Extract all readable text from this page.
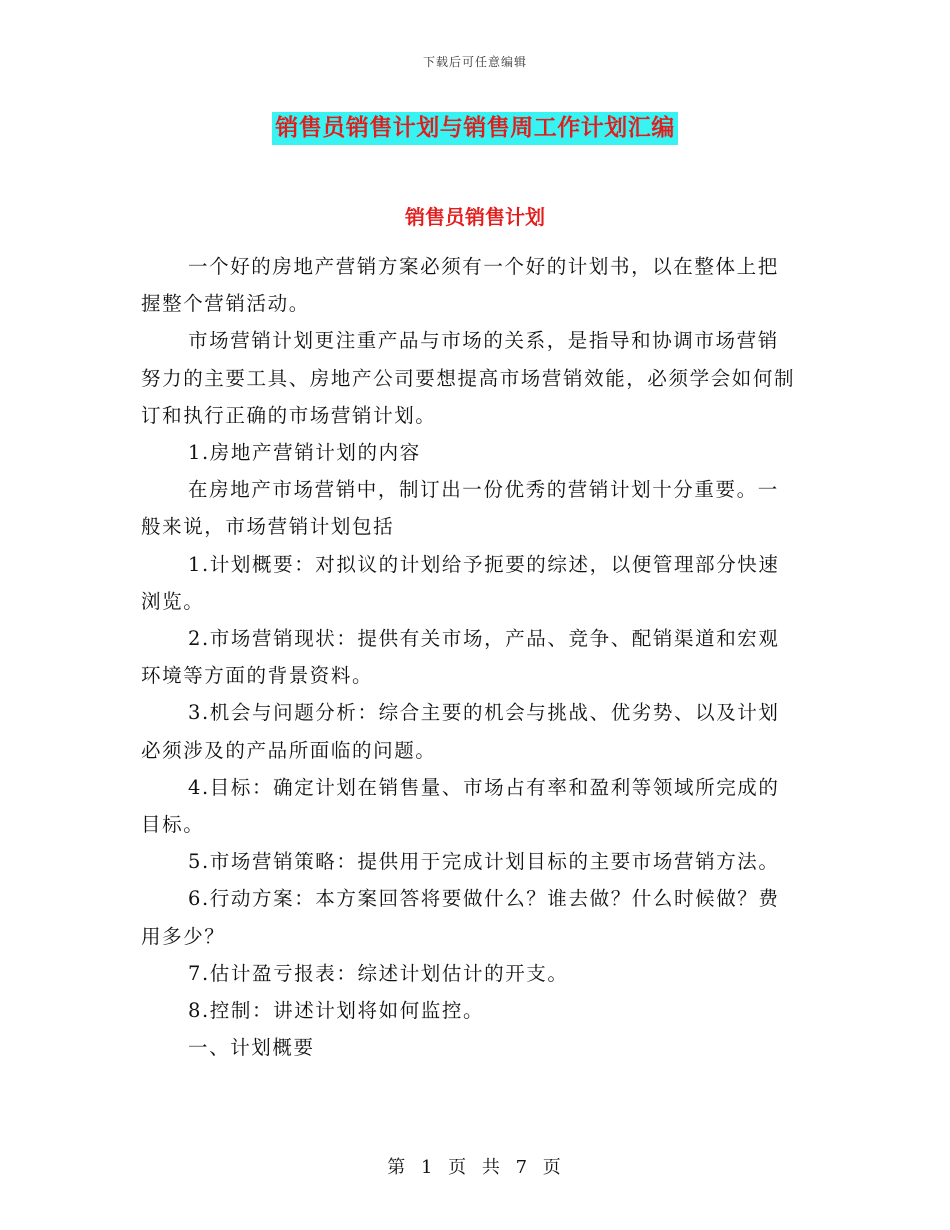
下载后可任意编辑
销售员销售计划与销售周工作计划汇编
销售员销售计划

一个好的房地产营销方案必须有一个好的计划书，以在整体上把握整个营销活动。

市场营销计划更注重产品与市场的关系，是指导和协调市场营销努力的主要工具、房地产公司要想提高市场营销效能，必须学会如何制订和执行正确的市场营销计划。

1.房地产营销计划的内容

在房地产市场营销中，制订出一份优秀的营销计划十分重要。一般来说，市场营销计划包括

1.计划概要：对拟议的计划给予扼要的综述，以便管理部分快速浏览。

2.市场营销现状：提供有关市场，产品、竞争、配销渠道和宏观环境等方面的背景资料。

3.机会与问题分析：综合主要的机会与挑战、优劣势、以及计划必须涉及的产品所面临的问题。

4.目标：确定计划在销售量、市场占有率和盈利等领域所完成的目标。

5.市场营销策略：提供用于完成计划目标的主要市场营销方法。

6.行动方案：本方案回答将要做什么？谁去做？什么时候做？费用多少？

7.估计盈亏报表：综述计划估计的开支。

8.控制：讲述计划将如何监控。

一、计划概要

第 1 页 共 7 页
